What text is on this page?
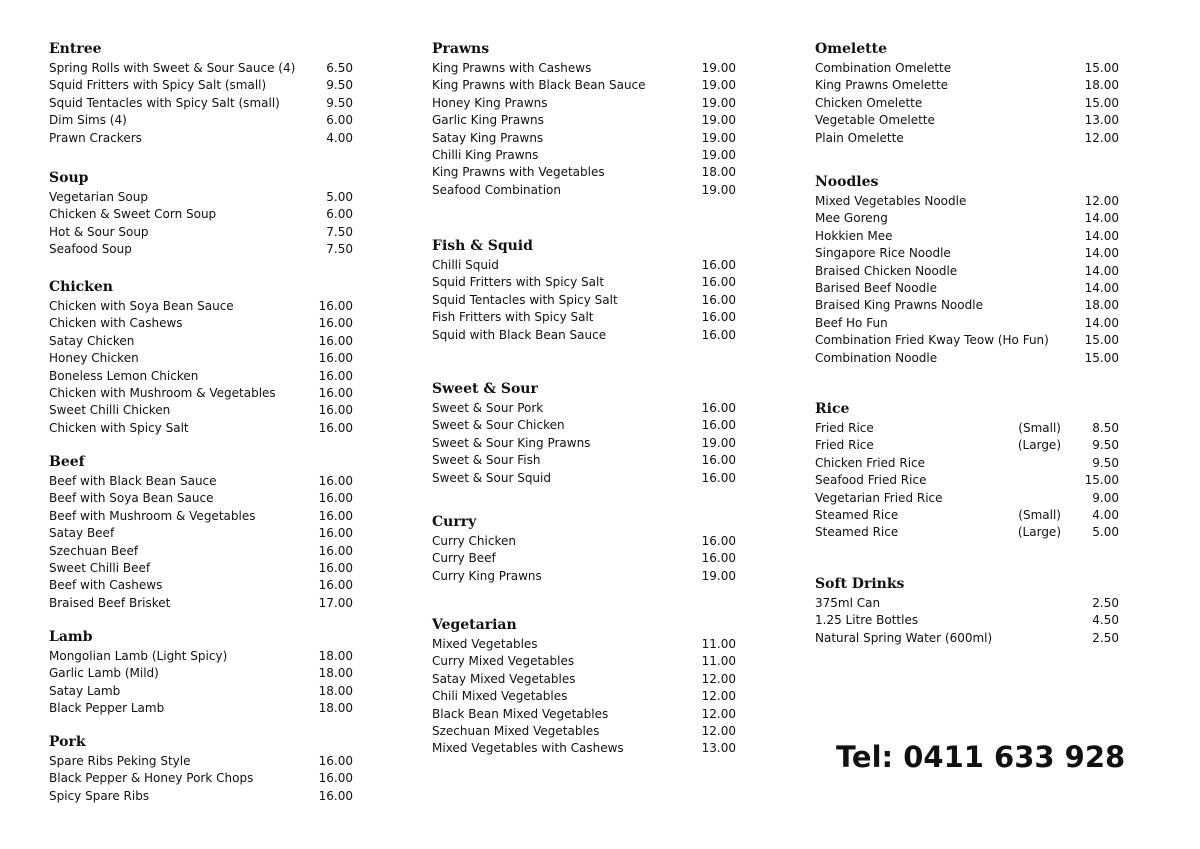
Entree
Spring Rolls with Sweet & Sour Sauce (4)	6.50
Squid Fritters with Spicy Salt (small)	9.50
Squid Tentacles with Spicy Salt (small)	9.50
Dim Sims (4)	6.00
Prawn Crackers	4.00
Soup
Vegetarian Soup	5.00
Chicken & Sweet Corn Soup	6.00
Hot & Sour Soup	7.50
Seafood Soup	7.50
Chicken
Chicken with Soya Bean Sauce	16.00
Chicken with Cashews	16.00
Satay Chicken	16.00
Honey Chicken	16.00
Boneless Lemon Chicken	16.00
Chicken with Mushroom & Vegetables	16.00
Sweet Chilli Chicken	16.00
Chicken with Spicy Salt	16.00
Beef
Beef with Black Bean Sauce	16.00
Beef with Soya Bean Sauce	16.00
Beef with Mushroom & Vegetables	16.00
Satay Beef	16.00
Szechuan Beef	16.00
Sweet Chilli Beef	16.00
Beef with Cashews	16.00
Braised Beef Brisket	17.00
Lamb
Mongolian Lamb (Light Spicy)	18.00
Garlic Lamb (Mild)	18.00
Satay Lamb	18.00
Black Pepper Lamb	18.00
Pork
Spare Ribs Peking Style	16.00
Black Pepper & Honey Pork Chops	16.00
Spicy Spare Ribs	16.00
Prawns
King Prawns with Cashews	19.00
King Prawns with Black Bean Sauce	19.00
Honey King Prawns	19.00
Garlic King Prawns	19.00
Satay King Prawns	19.00
Chilli King Prawns	19.00
King Prawns with Vegetables	18.00
Seafood Combination	19.00
Fish & Squid
Chilli Squid	16.00
Squid Fritters with Spicy Salt	16.00
Squid Tentacles with Spicy Salt	16.00
Fish Fritters with Spicy Salt	16.00
Squid with Black Bean Sauce	16.00
Sweet & Sour
Sweet & Sour Pork	16.00
Sweet & Sour Chicken	16.00
Sweet & Sour King Prawns	19.00
Sweet & Sour Fish	16.00
Sweet & Sour Squid	16.00
Curry
Curry Chicken	16.00
Curry Beef	16.00
Curry King Prawns	19.00
Vegetarian
Mixed Vegetables	11.00
Curry Mixed Vegetables	11.00
Satay Mixed Vegetables	12.00
Chili Mixed Vegetables	12.00
Black Bean Mixed Vegetables	12.00
Szechuan Mixed Vegetables	12.00
Mixed Vegetables with Cashews	13.00
Omelette
Combination Omelette	15.00
King Prawns Omelette	18.00
Chicken Omelette	15.00
Vegetable Omelette	13.00
Plain Omelette	12.00
Noodles
Mixed Vegetables Noodle	12.00
Mee Goreng	14.00
Hokkien Mee	14.00
Singapore Rice Noodle	14.00
Braised Chicken Noodle	14.00
Barised Beef Noodle	14.00
Braised King Prawns Noodle	18.00
Beef Ho Fun	14.00
Combination Fried Kway Teow (Ho Fun)	15.00
Combination Noodle	15.00
Rice
Fried Rice	(Small)	8.50
Fried Rice	(Large)	9.50
Chicken Fried Rice	9.50
Seafood Fried Rice	15.00
Vegetarian Fried Rice	9.00
Steamed Rice	(Small)	4.00
Steamed Rice	(Large)	5.00
Soft Drinks
375ml Can	2.50
1.25 Litre Bottles	4.50
Natural Spring Water (600ml)	2.50
Tel: 0411 633 928
